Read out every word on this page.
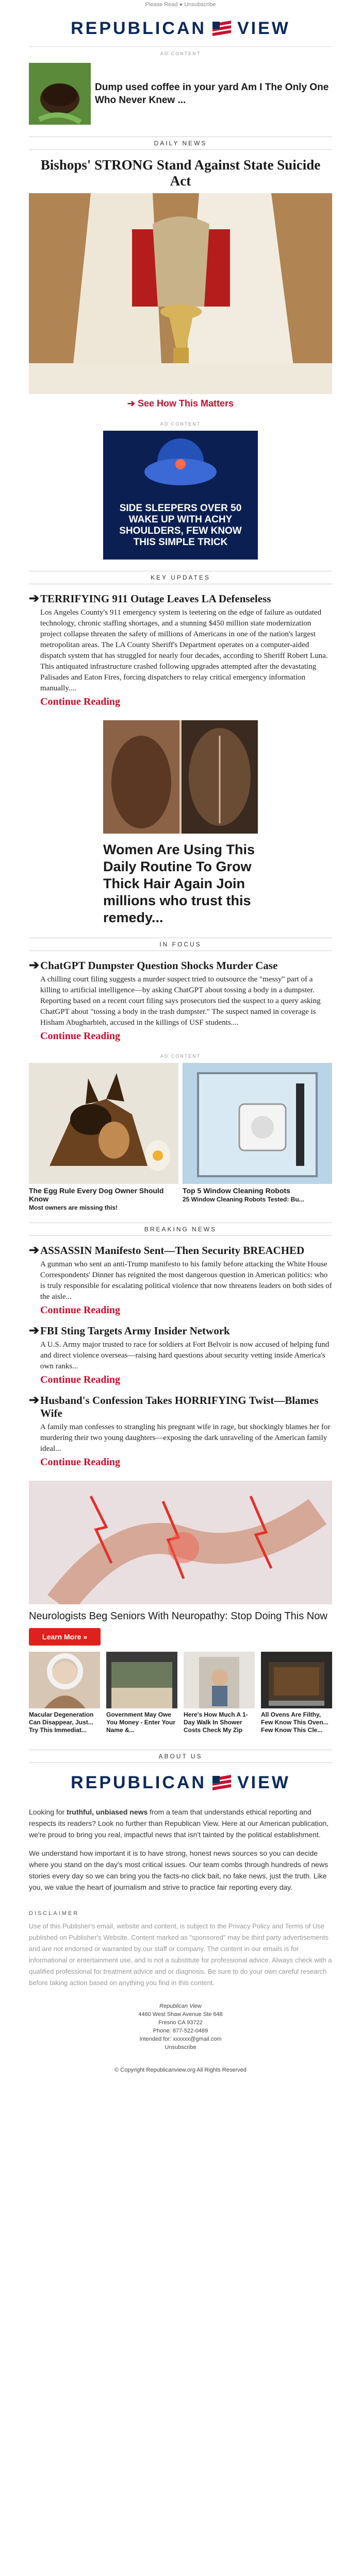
Please Read ● Unsubscribe
REPUBLICAN VIEW
AD CONTENT
Dump used coffee in your yard Am I The Only One Who Never Knew ...
DAILY NEWS
Bishops' STRONG Stand Against State Suicide Act
➔ See How This Matters
AD CONTENT
SIDE SLEEPERS OVER 50 WAKE UP WITH ACHY SHOULDERS, FEW KNOW THIS SIMPLE TRICK
KEY UPDATES
➔ TERRIFYING 911 Outage Leaves LA Defenseless

Los Angeles County's 911 emergency system is teetering on the edge of failure as outdated technology, chronic staffing shortages, and a stunning $450 million state modernization project collapse threaten the safety of millions of Americans in one of the nation's largest metropolitan areas. The LA County Sheriff's Department operates on a computer-aided dispatch system that has struggled for nearly four decades, according to Sheriff Robert Luna. This antiquated infrastructure crashed following upgrades attempted after the devastating Palisades and Eaton Fires, forcing dispatchers to relay critical emergency information manually....

Continue Reading
Women Are Using This Daily Routine To Grow Thick Hair Again Join millions who trust this remedy...
IN FOCUS
➔ ChatGPT Dumpster Question Shocks Murder Case

A chilling court filing suggests a murder suspect tried to outsource the "messy" part of a killing to artificial intelligence—by asking ChatGPT about tossing a body in a dumpster. Reporting based on a recent court filing says prosecutors tied the suspect to a query asking ChatGPT about "tossing a body in the trash dumpster." The suspect named in coverage is Hisham Abugharbieh, accused in the killings of USF students....

Continue Reading
AD CONTENT
The Egg Rule Every Dog Owner Should Know
Most owners are missing this!
Top 5 Window Cleaning Robots
25 Window Cleaning Robots Tested: Bu...
BREAKING NEWS
➔ ASSASSIN Manifesto Sent—Then Security BREACHED

A gunman who sent an anti-Trump manifesto to his family before attacking the White House Correspondents' Dinner has reignited the most dangerous question in American politics: who is truly responsible for escalating political violence that now threatens leaders on both sides of the aisle...

Continue Reading
➔ FBI Sting Targets Army Insider Network

A U.S. Army major trusted to race for soldiers at Fort Belvoir is now accused of helping fund and direct violence overseas—raising hard questions about security vetting inside America's own ranks...

Continue Reading
➔ Husband's Confession Takes HORRIFYING Twist—Blames Wife

A family man confesses to strangling his pregnant wife in rage, but shockingly blames her for murdering their two young daughters—exposing the dark unraveling of the American family ideal...

Continue Reading
Neurologists Beg Seniors With Neuropathy: Stop Doing This Now
Learn More »
Macular Degeneration Can Disappear, Just... Try This Immediat...
Government May Owe You Money - Enter Your Name &...
Here's How Much A 1-Day Walk In Shower Costs Check My Zip
All Ovens Are Filthy, Few Know This Oven... Few Know This Cle...
ABOUT US
REPUBLICAN VIEW

Looking for truthful, unbiased news from a team that understands ethical reporting and respects its readers? Look no further than Republican View. Here at our American publication, we're proud to bring you real, impactful news that isn't tainted by the political establishment.

We understand how important it is to have strong, honest news sources so you can decide where you stand on the day's most critical issues. Our team combs through hundreds of news stories every day so we can bring you the facts-no click bait, no fake news, just the truth. Like you, we value the heart of journalism and strive to practice fair reporting every day.

DISCLAIMER
Use of this Publisher's email, website and content, is subject to the Privacy Policy and Terms of Use published on Publisher's Website. Content marked as "sponsored" may be third party advertisements and are not endorsed or warranted by our staff or company. The content in our emails is for informational or entertainment use, and is not a substitute for professional advice. Always check with a qualified professional for treatment advice and or diagnosis. Be sure to do your own careful research before taking action based on anything you find in this content.
Republican View
4460 West Shaw Avenue Ste 648
Fresno CA 93722
Phone: 877-522-0489
Intended for: xxxxxx@gmail.com
Unsubscribe
© Copyright Republicanview.org All Rights Reserved
